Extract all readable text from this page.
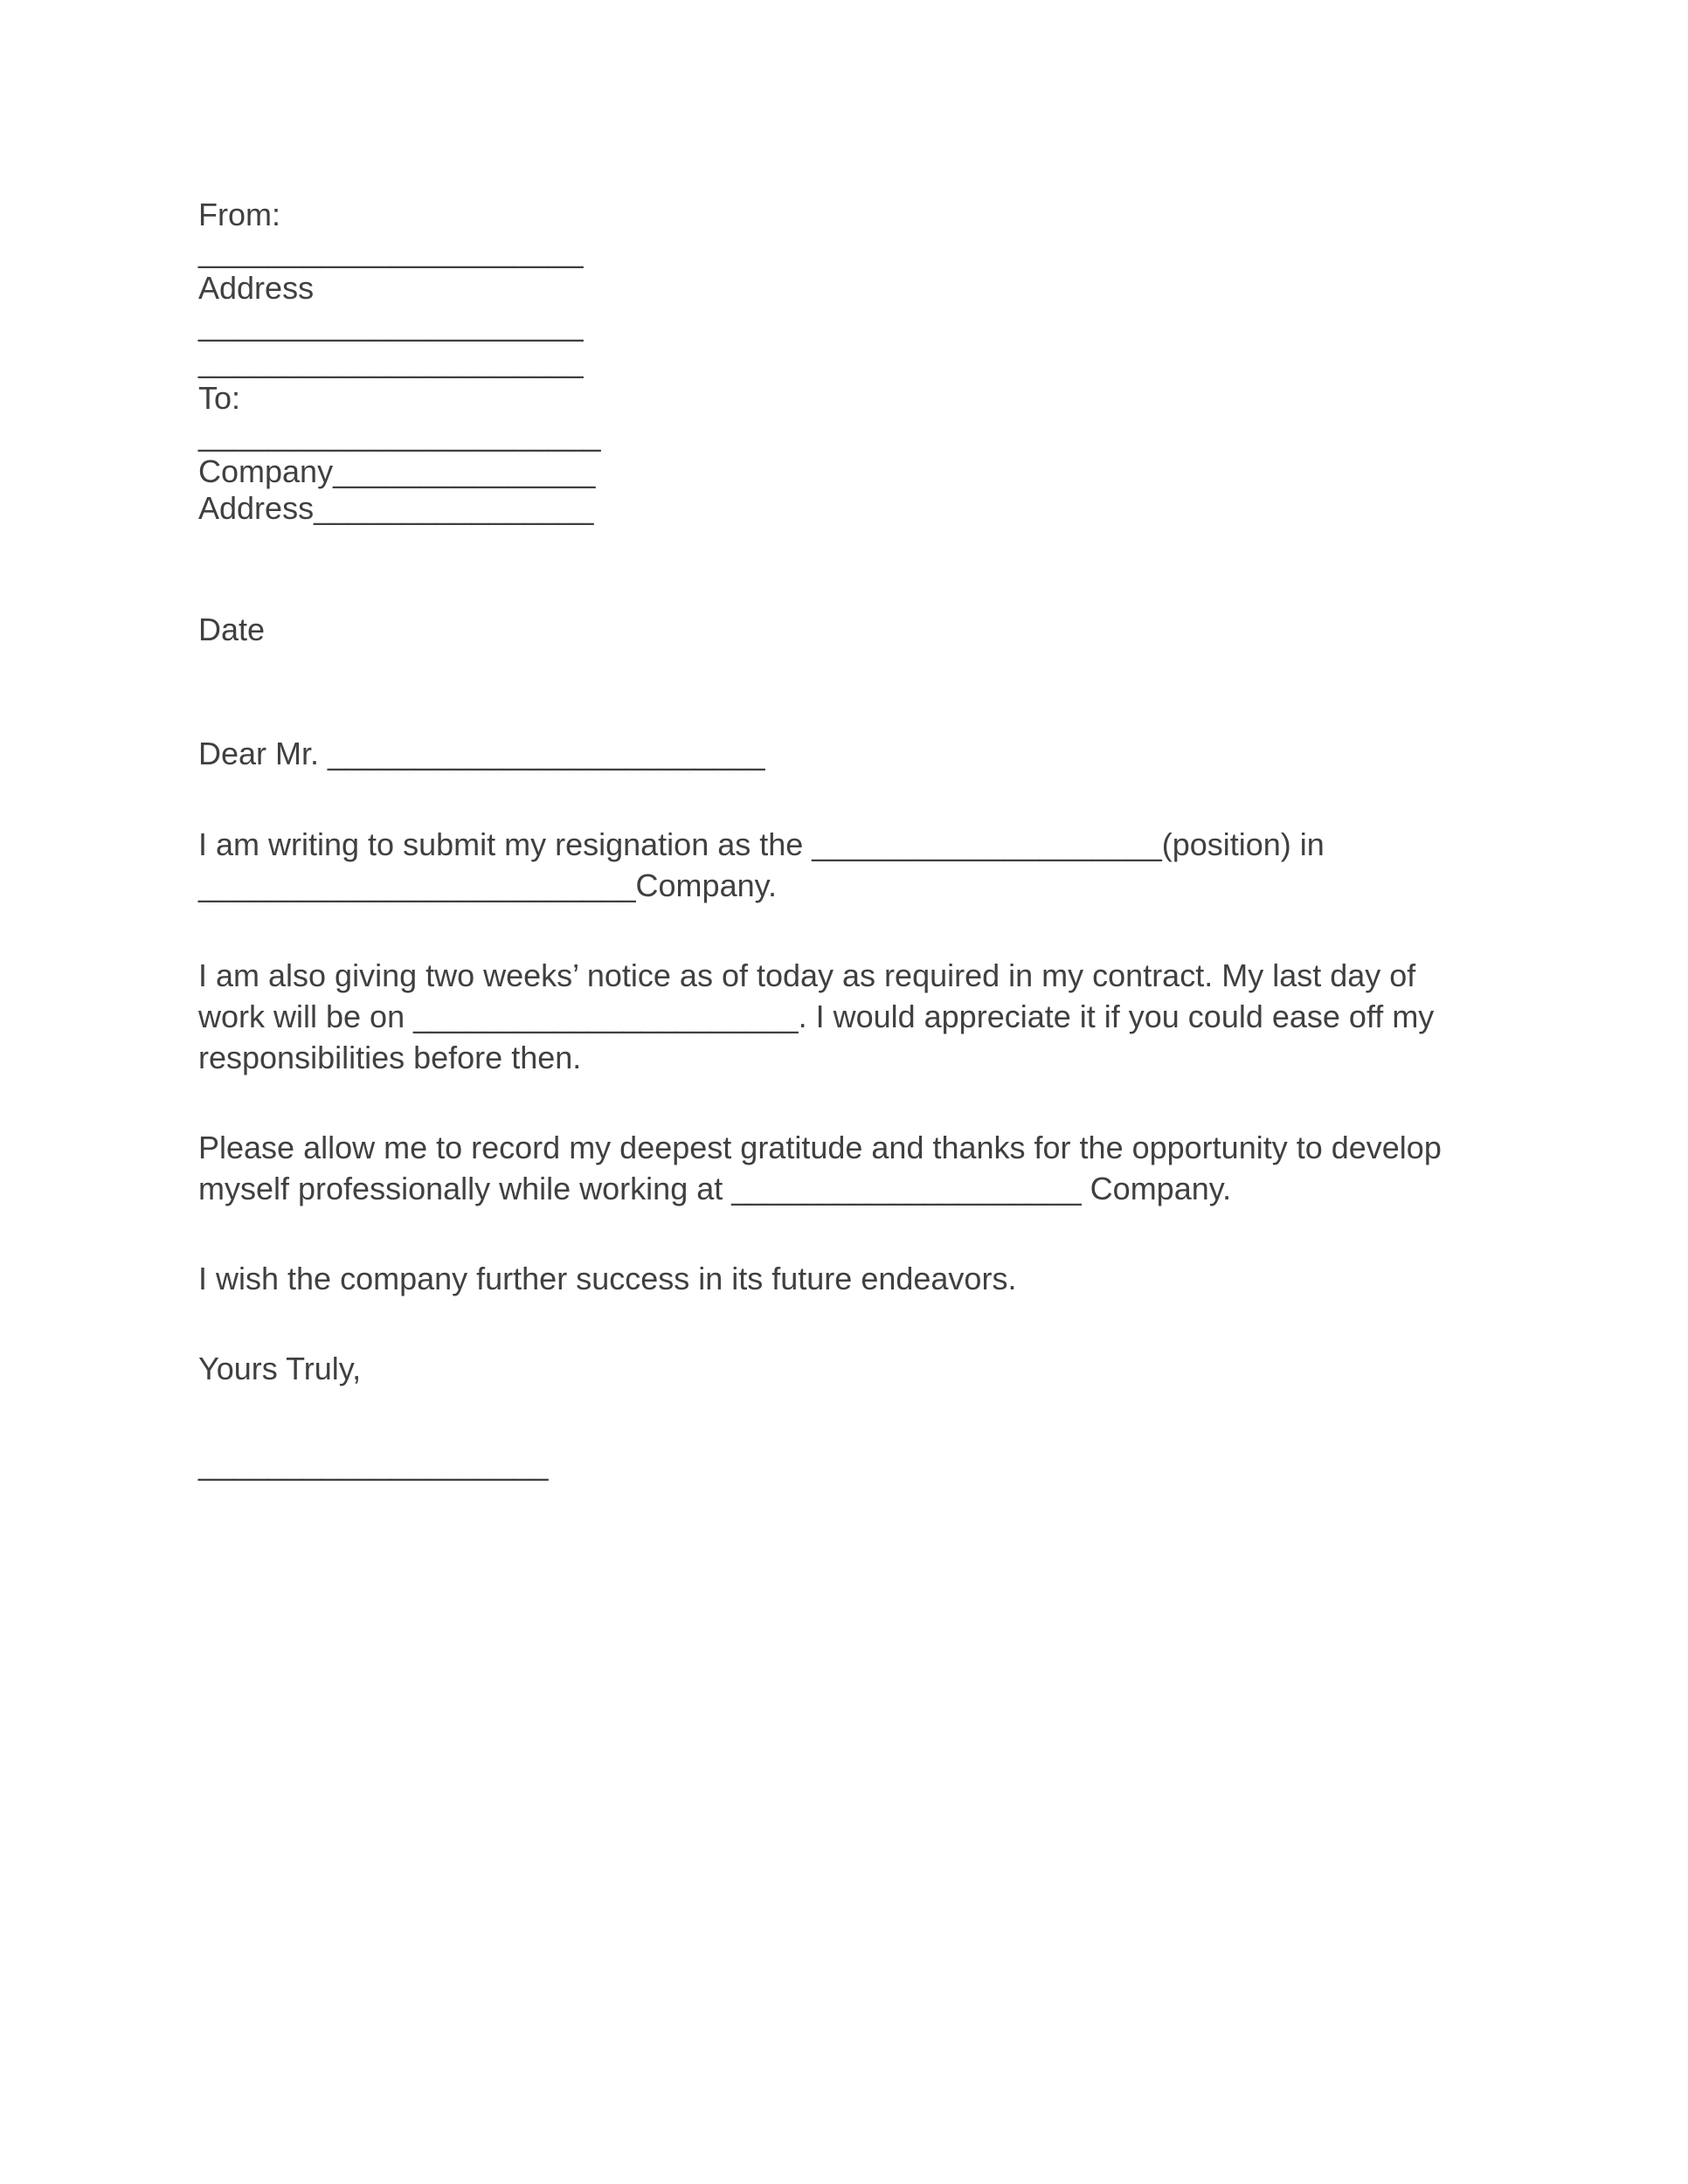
From:
______________________
Address
______________________
______________________
To:
_______________________
Company_______________
Address________________
Date
Dear Mr. _________________________

I am writing to submit my resignation as the ____________________(position) in
_________________________Company.

I am also giving two weeks’ notice as of today as required in my contract. My last day of
work will be on ______________________. I would appreciate it if you could ease off my
responsibilities before then.

Please allow me to record my deepest gratitude and thanks for the opportunity to develop
myself professionally while working at ____________________ Company.

I wish the company further success in its future endeavors.

Yours Truly,

____________________
